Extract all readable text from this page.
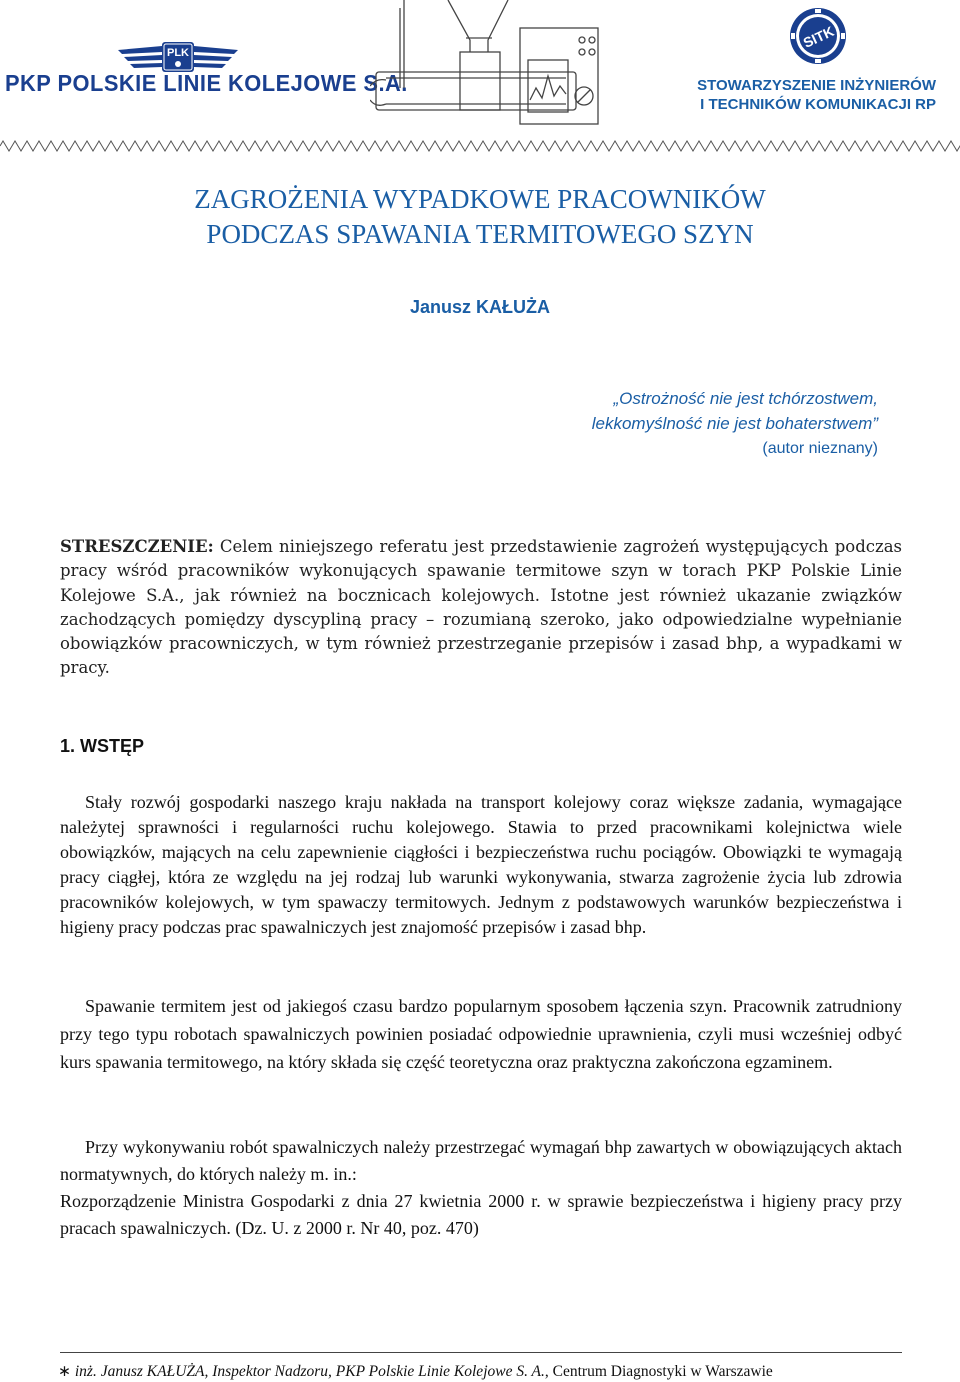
PLK
PKP POLSKIE LINIE KOLEJOWE S.A.
SITK
STOWARZYSZENIE INŻYNIERÓW
I TECHNIKÓW KOMUNIKACJI RP
ZAGROŻENIA WYPADKOWE PRACOWNIKÓW
PODCZAS SPAWANIA TERMITOWEGO SZYN
Janusz KAŁUŻA
„Ostrożność nie jest tchórzostwem,
lekkomyślność nie jest bohaterstwem”
(autor nieznany)
STRESZCZENIE: Celem niniejszego referatu jest przedstawienie zagrożeń występujących podczas pracy wśród pracowników wykonujących spawanie termitowe szyn w torach PKP Polskie Linie Kolejowe S.A., jak również na bocznicach kolejowych. Istotne jest również ukazanie związków zachodzących pomiędzy dyscypliną pracy – rozumianą szeroko, jako odpowiedzialne wypełnianie obowiązków pracowniczych, w tym również przestrzeganie przepisów i zasad bhp, a wypadkami w pracy.
1. WSTĘP
Stały rozwój gospodarki naszego kraju nakłada na transport kolejowy coraz większe zadania, wymagające należytej sprawności i regularności ruchu kolejowego. Stawia to przed pracownikami kolejnictwa wiele obowiązków, mających na celu zapewnienie ciągłości i bezpieczeństwa ruchu pociągów. Obowiązki te wymagają pracy ciągłej, która ze względu na jej rodzaj lub warunki wykonywania, stwarza zagrożenie życia lub zdrowia pracowników kolejowych, w tym spawaczy termitowych. Jednym z podstawowych warunków bezpieczeństwa i higieny pracy podczas prac spawalniczych jest znajomość przepisów i zasad bhp.
Spawanie termitem jest od jakiegoś czasu bardzo popularnym sposobem łączenia szyn. Pracownik zatrudniony przy tego typu robotach spawalniczych powinien posiadać odpowiednie uprawnienia, czyli musi wcześniej odbyć kurs spawania termitowego, na który składa się część teoretyczna oraz praktyczna zakończona egzaminem.
Przy wykonywaniu robót spawalniczych należy przestrzegać wymagań bhp zawartych w obowiązujących aktach normatywnych, do których należy m. in.:
Rozporządzenie Ministra Gospodarki z dnia 27 kwietnia 2000 r. w sprawie bezpieczeństwa i higieny pracy przy pracach spawalniczych. (Dz. U. z 2000 r. Nr 40, poz. 470)
∗ inż. Janusz KAŁUŻA, Inspektor Nadzoru, PKP Polskie Linie Kolejowe S. A., Centrum Diagnostyki w Warszawie
